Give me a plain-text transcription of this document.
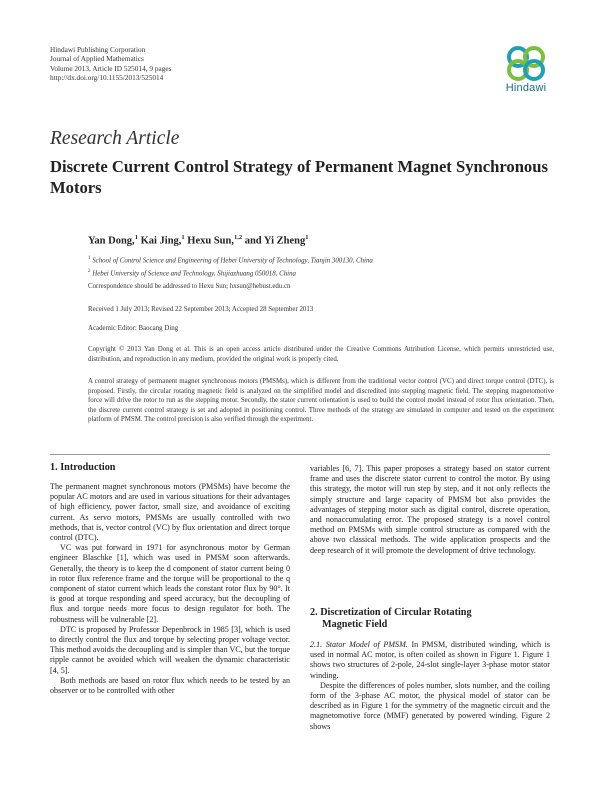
Hindawi Publishing Corporation
Journal of Applied Mathematics
Volume 2013, Article ID 525014, 9 pages
http://dx.doi.org/10.1155/2013/525014
Hindawi
Research Article
Discrete Current Control Strategy of Permanent Magnet Synchronous Motors
Yan Dong,$^1$ Kai Jing,$^1$ Hexu Sun,$^{1,2}$ and Yi Zheng$^1$
$^1$ School of Control Science and Engineering of Hebei University of Technology, Tianjin 300130, China
$^2$ Hebei University of Science and Technology, Shijiazhuang 050018, China
Correspondence should be addressed to Hexu Sun; hxsun@hebust.edu.cn
Received 1 July 2013; Revised 22 September 2013; Accepted 28 September 2013
Academic Editor: Baocang Ding
Copyright © 2013 Yan Dong et al. This is an open access article distributed under the Creative Commons Attribution License, which permits unrestricted use, distribution, and reproduction in any medium, provided the original work is properly cited.
A control strategy of permanent magnet synchronous motors (PMSMs), which is different from the traditional vector control (VC) and direct torque control (DTC), is proposed. Firstly, the circular rotating magnetic field is analyzed on the simplified model and discredited into stepping magnetic field. The stepping magnetomotive force will drive the rotor to run as the stepping motor. Secondly, the stator current orientation is used to build the control model instead of rotor flux orientation. Then, the discrete current control strategy is set and adopted in positioning control. Three methods of the strategy are simulated in computer and tested on the experiment platform of PMSM. The control precision is also verified through the experiment.
1. Introduction

The permanent magnet synchronous motors (PMSMs) have become the popular AC motors and are used in various situations for their advantages of high efficiency, power factor, small size, and avoidance of exciting current. As servo motors, PMSMs are usually controlled with two methods, that is, vector control (VC) by flux orientation and direct torque control (DTC).

VC was put forward in 1971 for asynchronous motor by German engineer Blaschke [1], which was used in PMSM soon afterwards. Generally, the theory is to keep the d component of stator current being 0 in rotor flux reference frame and the torque will be proportional to the q component of stator current which leads the constant rotor flux by 90°. It is good at torque responding and speed accuracy, but the decoupling of flux and torque needs more focus to design regulator for both. The robustness will be vulnerable [2].

DTC is proposed by Professor Depenbrock in 1985 [3], which is used to directly control the flux and torque by selecting proper voltage vector. This method avoids the decoupling and is simpler than VC, but the torque ripple cannot be avoided which will weaken the dynamic characteristic [4, 5].

Both methods are based on rotor flux which needs to be tested by an observer or to be controlled with other

variables [6, 7]. This paper proposes a strategy based on stator current frame and uses the discrete stator current to control the motor. By using this strategy, the motor will run step by step, and it not only reflects the simply structure and large capacity of PMSM but also provides the advantages of stepping motor such as digital control, discrete operation, and nonaccumulating error. The proposed strategy is a novel control method on PMSMs with simple control structure as compared with the above two classical methods. The wide application prospects and the deep research of it will promote the development of drive technology.

2. Discretization of Circular Rotating
Magnetic Field

2.1. Stator Model of PMSM. In PMSM, distributed winding, which is used in normal AC motor, is often coiled as shown in Figure 1. Figure 1 shows two structures of 2-pole, 24-slot single-layer 3-phase motor stator winding.

Despite the differences of poles number, slots number, and the coiling form of the 3-phase AC motor, the physical model of stator can be described as in Figure 1 for the symmetry of the magnetic circuit and the magnetomotive force (MMF) generated by powered winding. Figure 2 shows
